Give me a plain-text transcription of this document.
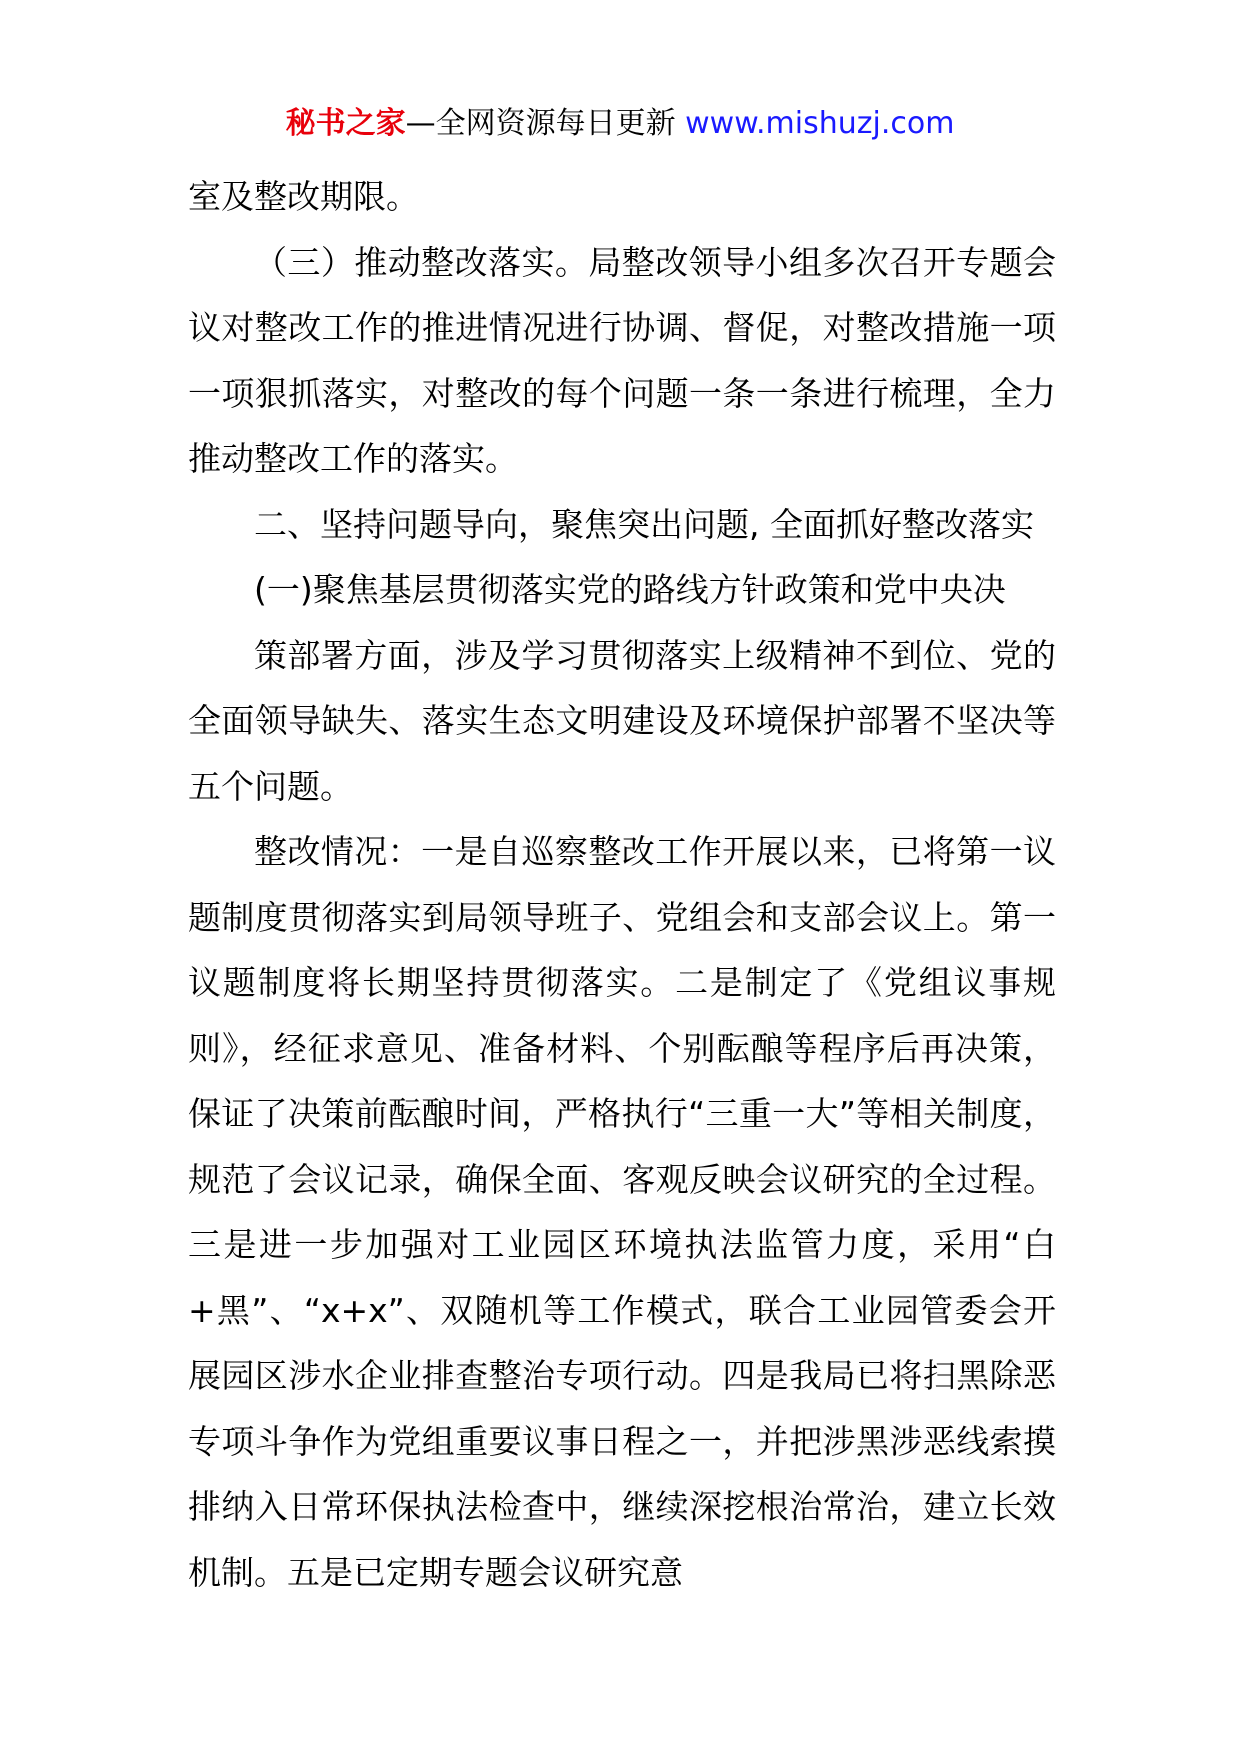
秘书之家—全网资源每日更新 www.mishuzj.com

室及整改期限。

（三）推动整改落实。局整改领导小组多次召开专题会议对整改工作的推进情况进行协调、督促，对整改措施一项一项狠抓落实，对整改的每个问题一条一条进行梳理，全力推动整改工作的落实。

二、坚持问题导向，聚焦突出问题, 全面抓好整改落实

(一)聚焦基层贯彻落实党的路线方针政策和党中央决

策部署方面，涉及学习贯彻落实上级精神不到位、党的全面领导缺失、落实生态文明建设及环境保护部署不坚决等五个问题。

整改情况：一是自巡察整改工作开展以来，已将第一议题制度贯彻落实到局领导班子、党组会和支部会议上。第一议题制度将长期坚持贯彻落实。二是制定了《党组议事规则》，经征求意见、准备材料、个别酝酿等程序后再决策，保证了决策前酝酿时间，严格执行“三重一大”等相关制度，规范了会议记录，确保全面、客观反映会议研究的全过程。三是进一步加强对工业园区环境执法监管力度，采用“白+黑”、“x+x”、双随机等工作模式，联合工业园管委会开展园区涉水企业排查整治专项行动。四是我局已将扫黑除恶专项斗争作为党组重要议事日程之一，并把涉黑涉恶线索摸排纳入日常环保执法检查中，继续深挖根治常治，建立长效机制。五是已定期专题会议研究意
